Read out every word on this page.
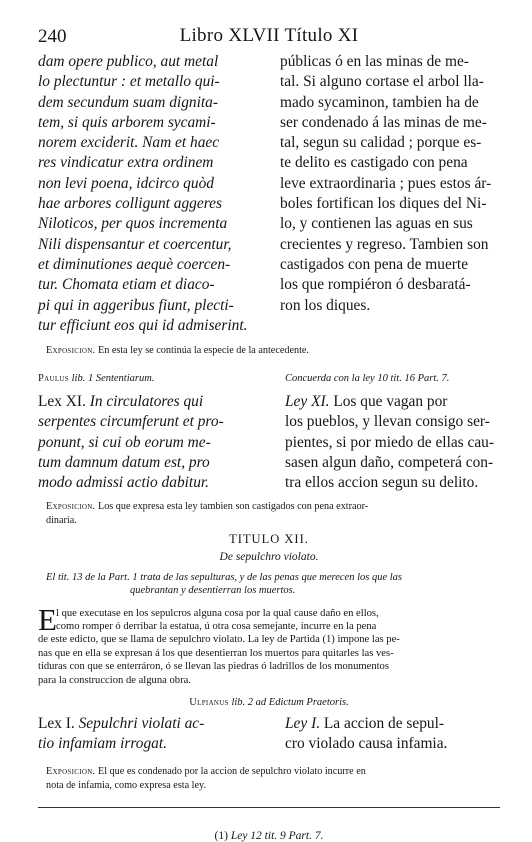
240	Libro XLVII Título XI
dam opere publico, aut metal
lo plectuntur : et metallo qui-
dem secundum suam dignita-
tem, si quis arborem sycami-
norem exciderit. Nam et haec
res vindicatur extra ordinem
non levi poena, idcirco quòd
hae arbores colligunt aggeres
Niloticos, per quos incrementa
Nili dispensantur et coercentur,
et diminutiones aequè coercen-
tur. Chomata etiam et diaco-
pi qui in aggeribus fiunt, plecti-
tur efficiunt eos qui id admiserint.
públicas ó en las minas de me-
tal. Si alguno cortase el arbol lla-
mado sycaminon, tambien ha de
ser condenado á las minas de me-
tal, segun su calidad ; porque es-
te delito es castigado con pena
leve extraordinaria ; pues estos ár-
boles fortifican los diques del Ni-
lo, y contienen las aguas en sus
crecientes y regreso. Tambien son
castigados con pena de muerte
los que rompiéron ó desbaratá-
ron los diques.
Exposicion. En esta ley se continúa la especie de la antecedente.
Paulus lib. 1 Sententiarum.
Lex XI. In circulatores qui
serpentes circumferunt et pro-
ponunt, si cui ob eorum me-
tum damnum datum est, pro
modo admissi actio dabitur.
Concuerda con la ley 10 tit. 16 Part. 7.
Ley XI. Los que vagan por
los pueblos, y llevan consigo ser-
pientes, si por miedo de ellas cau-
sasen algun daño, competerá con-
tra ellos accion segun su delito.
Exposicion. Los que expresa esta ley tambien son castigados con pena extraor-
dinaria.
TITULO XII.
De sepulchro violato.
El tit. 13 de la Part. 1 trata de las sepulturas, y de las penas que merecen los que las
quebrantan y desentierran los muertos.
E l que executase en los sepulcros alguna cosa por la qual cause daño en ellos,
como romper ó derribar la estatua, ú otra cosa semejante, incurre en la pena
de este edicto, que se llama de sepulchro violato. La ley de Partida (1) impone las pe-
nas que en ella se expresan á los que desentierran los muertos para quitarles las ves-
tiduras con que se enterráron, ó se llevan las piedras ó ladrillos de los monumentos
para la construccion de alguna obra.
Ulpianus lib. 2 ad Edictum Praetoris.
Lex I. Sepulchri violati ac-
tio infamiam irrogat.
Ley I. La accion de sepul-
cro violado causa infamia.
Exposicion. El que es condenado por la accion de sepulchro violato incurre en
nota de infamia, como expresa esta ley.
(1) Ley 12 tit. 9 Part. 7.
